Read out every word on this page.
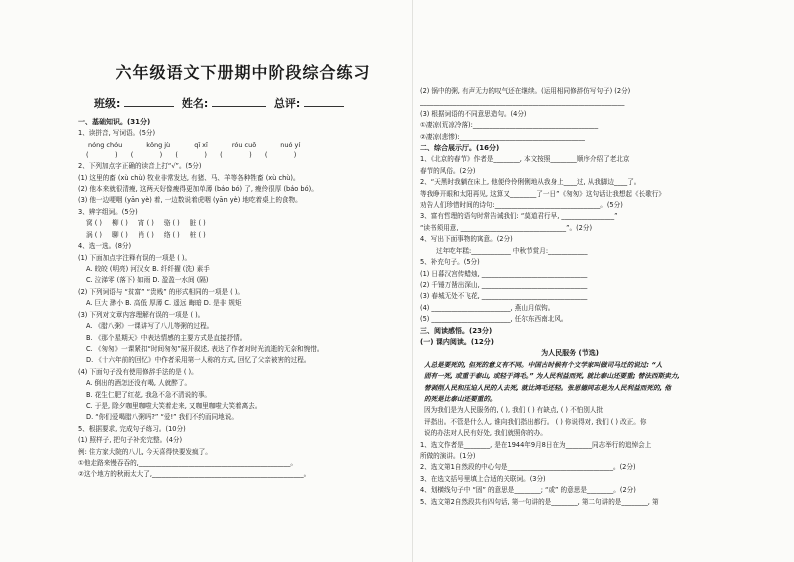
六年级语文下册期中阶段综合练习
班级:	姓名:	总评:
一、基础知识。(31分)
1、读拼音, 写词语。(5分)
nóng chóu	kǒng jù	qī xī	róu cuō	nuó yí
(　　　　)　　(　　　　)　　(　　　　)　　(　　　　)　　(　　　　)
2、下列加点字正确的读音上打“√”。(5分)
(1) 这里的畜 (xù chù) 牧业非常发达, 有猪、马、羊等各种牲畜 (xù chù)。
(2) 他本来就很清瘦, 这两天好像瘦得更加单薄 (báo bó) 了, 瘦伶很厚 (báo bó)。
(3) 他一边哽咽 (yān yè) 着, 一边数说着虎咽 (yān yè) 地吃着桌上的食物。
3、辨字组词。(5分)
窝 ( )	柳 ( )	宵 ( )	骆 ( )	脏 ( )
涡 ( )	聊 ( )	肖 ( )	络 ( )	桩 ( )
4、选一选。(8分)
(1) 下面加点字注释有误的一项是 ( )。
A. 皎皎 (明亮) 河汉女 B. 纤纤擢 (洗) 素手
C. 泣涕零 (落下) 如雨 D. 盈盈一水间 (隔)
(2) 下列词语与 “贫富” “贵贱” 的形式相同的一项是 ( )。
A. 巨大 渺小 B. 高低 厚薄 C. 遥远 晦暗 D. 是非 规矩
(3) 下列对文章内容理解有误的一项是 ( )。
A. 《腊八粥》一课讲写了八儿等粥的过程。
B. 《那个星期天》中表达情感的主要方式是直接抒情。
C. 《匆匆》一课紧扣“时间匆匆”展开叙述, 表达了作者对时光流逝的无奈和惋惜。
D. 《十六年前的回忆》中作者采用第一人称的方式, 回忆了父亲被害的过程。
(4) 下面句子没有使用修辞手法的是 ( )。
A. 倒出的酒怎还没有喝, 人就醉了。
B. 花生仁肥了红花, 我急不急不清说的事。
C. 于是, 除夕咖里咖啦大笑着走来, 又咖里咖啦大笑着离去。
D. “你们爱喝腊八粥吗?” “爱!” 我们不约而同地说。
5、根据要求, 完成句子练习。(10分)
(1) 照样子, 把句子补充完整。(4分)
例: 住方家大院的八儿, 今天喜得快要发疯了。
①他走路来慢吞吞的,______________________________________________。
②这个地方的秋雨太大了,______________________________________________。
(2) 锅中的粥, 有声无力的叹气还在继续。(运用相同修辞仿写句子) (2分)
______________________________________________________________
(3) 根据词语的不同意思造句。(4分)
①凄凉(荒凉冷落):______________________________________
②凄凉(悲惨):______________________________________
二、综合展示厅。(16分)
1、《北京的春节》作者是________, 本文按照________顺序介绍了老北京
春节的风俗。(2分)
2、“天黑时我躺在床上, 他便伶伶俐俐地从我身上____过, 从我脚边____了。
等我睁开眼和太阳再见, 这算又________了一日”《匆匆》这句话让我想起《长歌行》
劝告人们珍惜时间的诗句:________________________________。(5分)
3、富有哲理的语句时常告诫我们: “莫道君行早, ________________”
“读书须用意, ________________________________”。(2分)
4、写出下面事物的寓意。(2分)
过年吃年糕:____________ 中秋节赏月:____________
5、补充句子。(5分)
(1) 日暮汉宫传蜡烛, ________________________________
(2) 千锤万凿出深山, ________________________________
(3) 春城无处不飞花, ________________________________
(4) ________________________, 燕山月似钩。
(5) ________________________, 任尔东西南北风。
三、阅读感悟。(23分)
(一) 课内阅读。(12分)
为人民服务 (节选)
人总是要死的, 但死的意义有不同。中国古时候有个文学家叫做司马迁的说过: “人
固有一死, 或重于泰山, 或轻于鸿毛。” 为人民利益而死, 就比泰山还要重; 替法西斯卖力,
替剥削人民和压迫人民的人去死, 就比鸿毛还轻。张思德同志是为人民利益而死的, 他
的死是比泰山还要重的。
因为我们是为人民服务的, ( ), 我们 ( ) 有缺点, ( ) 不怕别人批
评指出。不管是什么人, 谁向我们指出都行。 ( ) 你说得对, 我们 ( ) 改正。你
说的办法对人民有好处, 我们就照你的办。
1、选文作者是________, 是在1944年9月8日在为________同志举行的追悼会上
所做的演讲。(1分)
2、选文第1自然段的中心句是________________________________。(2分)
3、在选文括号里填上合适的关联词。(3分)
4、划横线句子中 “固” 的意思是________; “或” 的意思是________。(2分)
5、选文第2自然段共有四句话, 第一句讲的是________, 第二句讲的是________, 第
